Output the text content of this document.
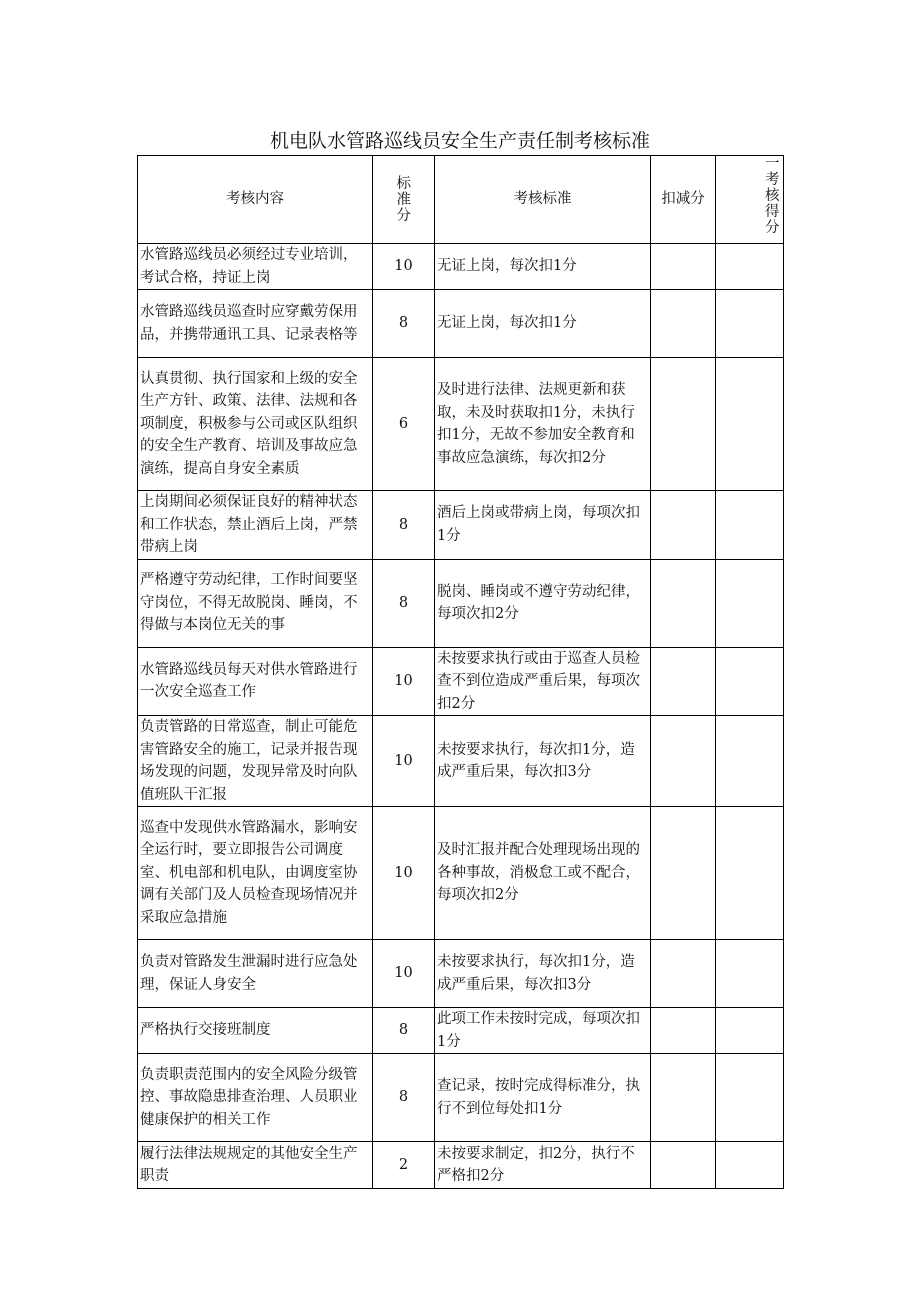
机电队水管路巡线员安全生产责任制考核标准
考核内容	标准分	考核标准	扣减分	一考核得分

水管路巡线员必须经过专业培训，考试合格，持证上岗	10	无证上岗，每次扣1分		
水管路巡线员巡查时应穿戴劳保用品，并携带通讯工具、记录表格等	8	无证上岗，每次扣1分		
认真贯彻、执行国家和上级的安全生产方针、政策、法律、法规和各项制度，积极参与公司或区队组织的安全生产教育、培训及事故应急演练，提高自身安全素质	6	及时进行法律、法规更新和获取，未及时获取扣1分，未执行扣1分，无故不参加安全教育和事故应急演练，每次扣2分		
上岗期间必须保证良好的精神状态和工作状态，禁止酒后上岗，严禁带病上岗	8	酒后上岗或带病上岗，每项次扣1分		
严格遵守劳动纪律，工作时间要坚守岗位，不得无故脱岗、睡岗，不得做与本岗位无关的事	8	脱岗、睡岗或不遵守劳动纪律，每项次扣2分		
水管路巡线员每天对供水管路进行一次安全巡查工作	10	未按要求执行或由于巡查人员检查不到位造成严重后果，每项次扣2分		
负责管路的日常巡查，制止可能危害管路安全的施工，记录并报告现场发现的问题，发现异常及时向队值班队干汇报	10	未按要求执行，每次扣1分，造成严重后果，每次扣3分		
巡查中发现供水管路漏水，影响安全运行时，要立即报告公司调度室、机电部和机电队，由调度室协调有关部门及人员检查现场情况并采取应急措施	10	及时汇报并配合处理现场出现的各种事故，消极怠工或不配合，每项次扣2分		
负责对管路发生泄漏时进行应急处理，保证人身安全	10	未按要求执行，每次扣1分，造成严重后果，每次扣3分		
严格执行交接班制度	8	此项工作未按时完成，每项次扣1分		
负责职责范围内的安全风险分级管控、事故隐患排查治理、人员职业健康保护的相关工作	8	查记录，按时完成得标准分，执行不到位每处扣1分		
履行法律法规规定的其他安全生产职责	2	未按要求制定，扣2分，执行不严格扣2分		
